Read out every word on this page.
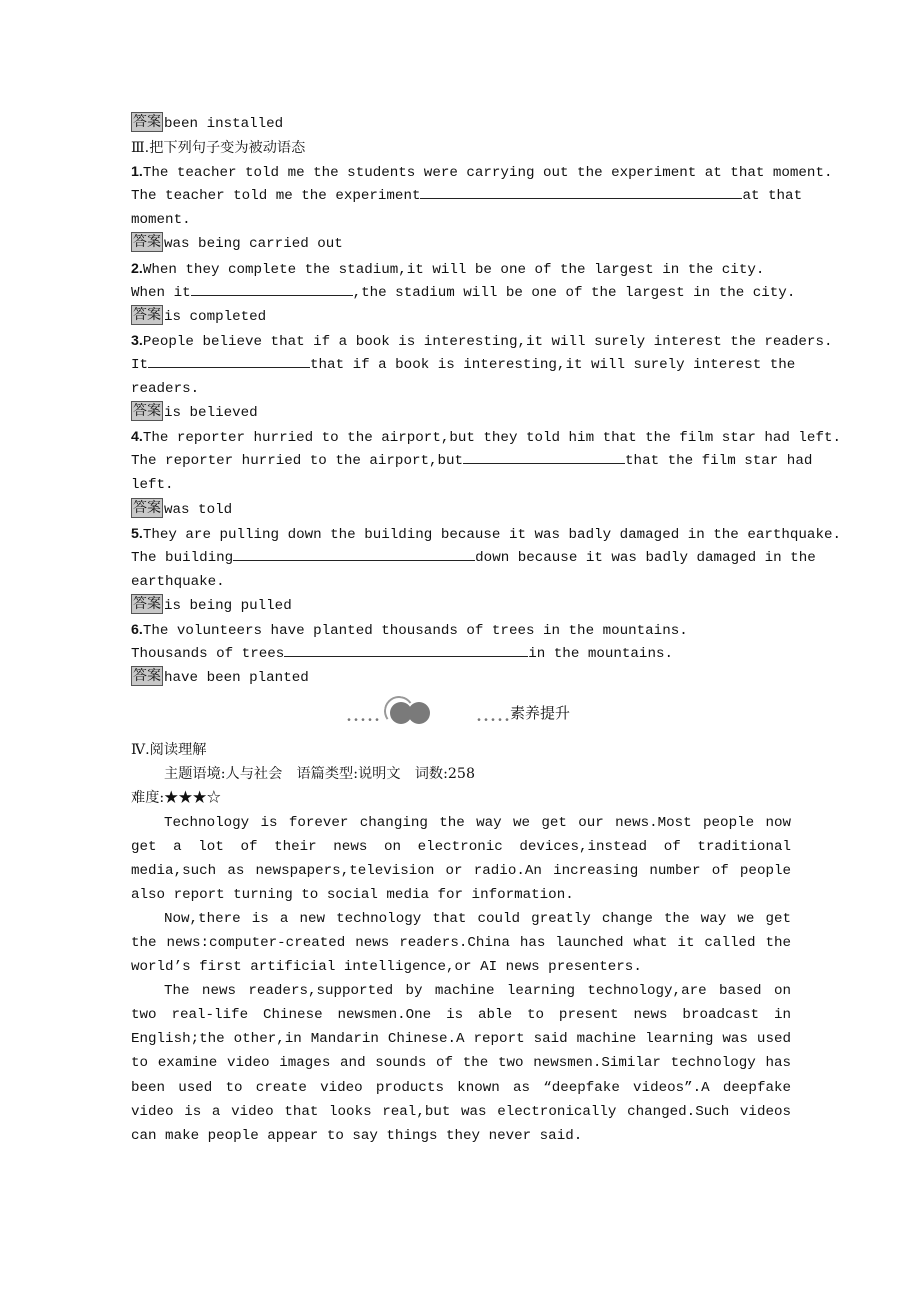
答案 been installed
Ⅲ.把下列句子变为被动语态
1.The teacher told me the students were carrying out the experiment at that moment.
The teacher told me the experiment	at that
moment.
答案 was being carried out
2.When they complete the stadium,it will be one of the largest in the city.
When it	,the stadium will be one of the largest in the city.
答案 is completed
3.People believe that if a book is interesting,it will surely interest the readers.
It	that if a book is interesting,it will surely interest the
readers.
答案 is believed
4.The reporter hurried to the airport,but they told him that the film star had left.
The reporter hurried to the airport,but	that the film star had
left.
答案 was told
5.They are pulling down the building because it was badly damaged in the earthquake.
The building	down because it was badly damaged in the
earthquake.
答案 is being pulled
6.The volunteers have planted thousands of trees in the mountains.
Thousands of trees	in the mountains.
答案 have been planted
•••••	•••••
素养提升
Ⅳ.阅读理解
主题语境:人与社会　语篇类型:说明文　词数:258
难度:★★★☆
Technology is forever changing the way we get our news.Most people now get a lot of their news on electronic devices,instead of traditional media,such as newspapers,television or radio.An increasing number of people also report turning to social media for information.
Now,there is a new technology that could greatly change the way we get the news:computer-created news readers.China has launched what it called the world’s first artificial intelligence,or AI news presenters.
The news readers,supported by machine learning technology,are based on two real-life Chinese newsmen.One is able to present news broadcast in English;the other,in Mandarin Chinese.A report said machine learning was used to examine video images and sounds of the two newsmen.Similar technology has been used to create video products known as “deepfake videos”.A deepfake video is a video that looks real,but was electronically changed.Such videos can make people appear to say things they never said.
